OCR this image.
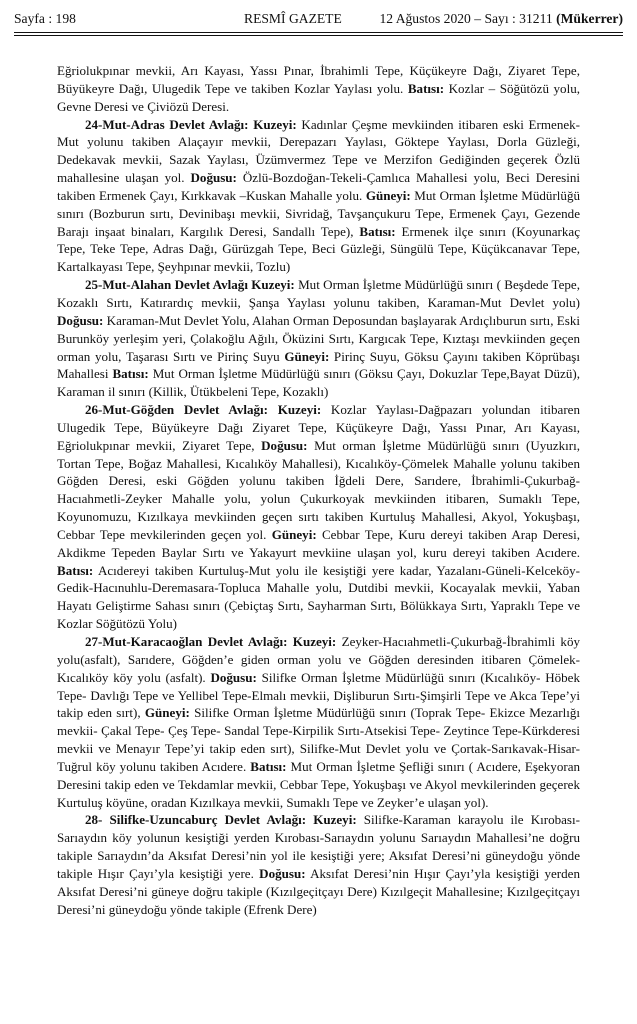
Sayfa : 198	RESMÎ GAZETE	12 Ağustos 2020 – Sayı : 31211 (Mükerrer)

Eğriolukpınar mevkii, Arı Kayası, Yassı Pınar, İbrahimli Tepe, Küçükeyre Dağı, Ziyaret Tepe, Büyükeyre Dağı, Ulugedik Tepe ve takiben Kozlar Yaylası yolu. Batısı: Kozlar – Söğütözü yolu, Gevne Deresi ve Çiviözü Deresi.

24-Mut-Adras Devlet Avlağı: Kuzeyi: Kadınlar Çeşme mevkiinden itibaren eski Ermenek-Mut yolunu takiben Alaçayır mevkii, Derepazarı Yaylası, Göktepe Yaylası, Dorla Güzleği, Dedekavak mevkii, Sazak Yaylası, Üzümvermez Tepe ve Merzifon Gediğinden geçerek Özlü mahallesine ulaşan yol. Doğusu: Özlü-Bozdoğan-Tekeli-Çamlıca Mahallesi yolu, Beci Deresini takiben Ermenek Çayı, Kırkkavak –Kuskan Mahalle yolu. Güneyi: Mut Orman İşletme Müdürlüğü sınırı (Bozburun sırtı, Devinibaşı mevkii, Sivridağ, Tavşançukuru Tepe, Ermenek Çayı, Gezende Barajı inşaat binaları, Kargılık Deresi, Sandallı Tepe), Batısı: Ermenek ilçe sınırı (Koyunarkaç Tepe, Teke Tepe, Adras Dağı, Gürüzgah Tepe, Beci Güzleği, Süngülü Tepe, Küçükcanavar Tepe, Kartalkayası Tepe, Şeyhpınar mevkii, Tozlu)

25-Mut-Alahan Devlet Avlağı Kuzeyi: Mut Orman İşletme Müdürlüğü sınırı ( Beşdede Tepe, Kozaklı Sırtı, Katırardıç mevkii, Şanşa Yaylası yolunu takiben, Karaman-Mut Devlet yolu) Doğusu: Karaman-Mut Devlet Yolu, Alahan Orman Deposundan başlayarak Ardıçlıburun sırtı, Eski Burunköy yerleşim yeri, Çolakoğlu Ağılı, Öküzini Sırtı, Kargıcak Tepe, Kıztaşı mevkiinden geçen orman yolu, Taşarası Sırtı ve Pirinç Suyu Güneyi: Pirinç Suyu, Göksu Çayını takiben Köprübaşı Mahallesi Batısı: Mut Orman İşletme Müdürlüğü sınırı (Göksu Çayı, Dokuzlar Tepe,Bayat Düzü), Karaman il sınırı (Killik, Ütükbeleni Tepe, Kozaklı)

26-Mut-Göğden Devlet Avlağı: Kuzeyi: Kozlar Yaylası-Dağpazarı yolundan itibaren Ulugedik Tepe, Büyükeyre Dağı Ziyaret Tepe, Küçükeyre Dağı, Yassı Pınar, Arı Kayası, Eğriolukpınar mevkii, Ziyaret Tepe, Doğusu: Mut orman İşletme Müdürlüğü sınırı (Uyuzkırı, Tortan Tepe, Boğaz Mahallesi, Kıcalıköy Mahallesi), Kıcalıköy-Çömelek Mahalle yolunu takiben Göğden Deresi, eski Göğden yolunu takiben İğdeli Dere, Sarıdere, İbrahimli-Çukurbağ-Hacıahmetli-Zeyker Mahalle yolu, yolun Çukurkoyak mevkiinden itibaren, Sumaklı Tepe, Koyunomuzu, Kızılkaya mevkiinden geçen sırtı takiben Kurtuluş Mahallesi, Akyol, Yokuşbaşı, Cebbar Tepe mevkilerinden geçen yol. Güneyi: Cebbar Tepe, Kuru dereyi takiben Arap Deresi, Akdikme Tepeden Baylar Sırtı ve Yakayurt mevkiine ulaşan yol, kuru dereyi takiben Acıdere. Batısı: Acıdereyi takiben Kurtuluş-Mut yolu ile kesiştiği yere kadar, Yazalanı-Güneli-Kelceköy- Gedik-Hacınuhlu-Deremasara-Topluca Mahalle yolu, Dutdibi mevkii, Kocayalak mevkii, Yaban Hayatı Geliştirme Sahası sınırı (Çebiçtaş Sırtı, Sayharman Sırtı, Bölükkaya Sırtı, Yapraklı Tepe ve Kozlar Söğütözü Yolu)

27-Mut-Karacaoğlan Devlet Avlağı: Kuzeyi: Zeyker-Hacıahmetli-Çukurbağ-İbrahimli köy yolu(asfalt), Sarıdere, Göğden’e giden orman yolu ve Göğden deresinden itibaren Çömelek-Kıcalıköy köy yolu (asfalt). Doğusu: Silifke Orman İşletme Müdürlüğü sınırı (Kıcalıköy- Höbek Tepe- Davlığı Tepe ve Yellibel Tepe-Elmalı mevkii, Dişliburun Sırtı-Şimşirli Tepe ve Akca Tepe’yi takip eden sırt), Güneyi: Silifke Orman İşletme Müdürlüğü sınırı (Toprak Tepe- Ekizce Mezarlığı mevkii- Çakal Tepe- Çeş Tepe- Sandal Tepe-Kirpilik Sırtı-Atsekisi Tepe- Zeytince Tepe-Kürkderesi mevkii ve Menayır Tepe’yi takip eden sırt), Silifke-Mut Devlet yolu ve Çortak-Sarıkavak-Hisar-Tuğrul köy yolunu takiben Acıdere. Batısı: Mut Orman İşletme Şefliği sınırı ( Acıdere, Eşekyoran Deresini takip eden ve Tekdamlar mevkii, Cebbar Tepe, Yokuşbaşı ve Akyol mevkilerinden geçerek Kurtuluş köyüne, oradan Kızılkaya mevkii, Sumaklı Tepe ve Zeyker’e ulaşan yol).

28- Silifke-Uzuncaburç Devlet Avlağı: Kuzeyi: Silifke-Karaman karayolu ile Kırobası-Sarıaydın köy yolunun kesiştiği yerden Kırobası-Sarıaydın yolunu Sarıaydın Mahallesi’ne doğru takiple Sarıaydın’da Aksıfat Deresi’nin yol ile kesiştiği yere; Aksıfat Deresi’ni güneydoğu yönde takiple Hışır Çayı’yla kesiştiği yere. Doğusu: Aksıfat Deresi’nin Hışır Çayı’yla kesiştiği yerden Aksıfat Deresi’ni güneye doğru takiple (Kızılgeçitçayı Dere) Kızılgeçit Mahallesine; Kızılgeçitçayı Deresi’ni güneydoğu yönde takiple (Efrenk Dere)
